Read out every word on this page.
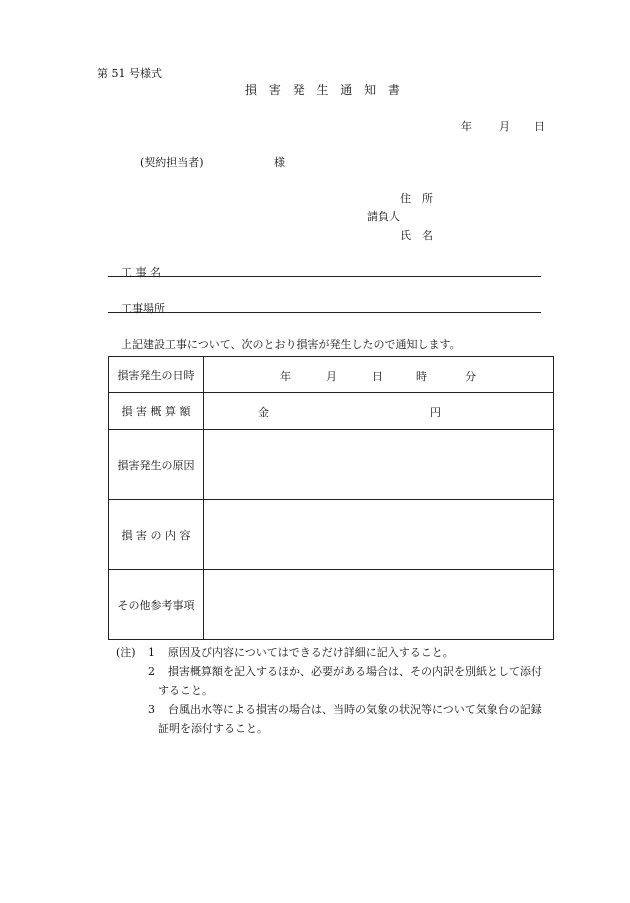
第 51 号様式
損 害 発 生 通 知 書
年 月 日
(契約担当者)	様
住　所
請負人
氏　名
工 事 名
工事場所
上記建設工事について、次のとおり損害が発生したので通知します。
損害発生の日時	年 月 日 時 分

損 害 概 算 額	金 円

損害発生の原因	
損 害 の 内 容	
その他参考事項	
(注)	1	原因及び内容についてはできるだけ詳細に記入すること。
2	損害概算額を記入するほか、必要がある場合は、その内訳を別紙として添付
すること。
3	台風出水等による損害の場合は、当時の気象の状況等について気象台の記録
証明を添付すること。
